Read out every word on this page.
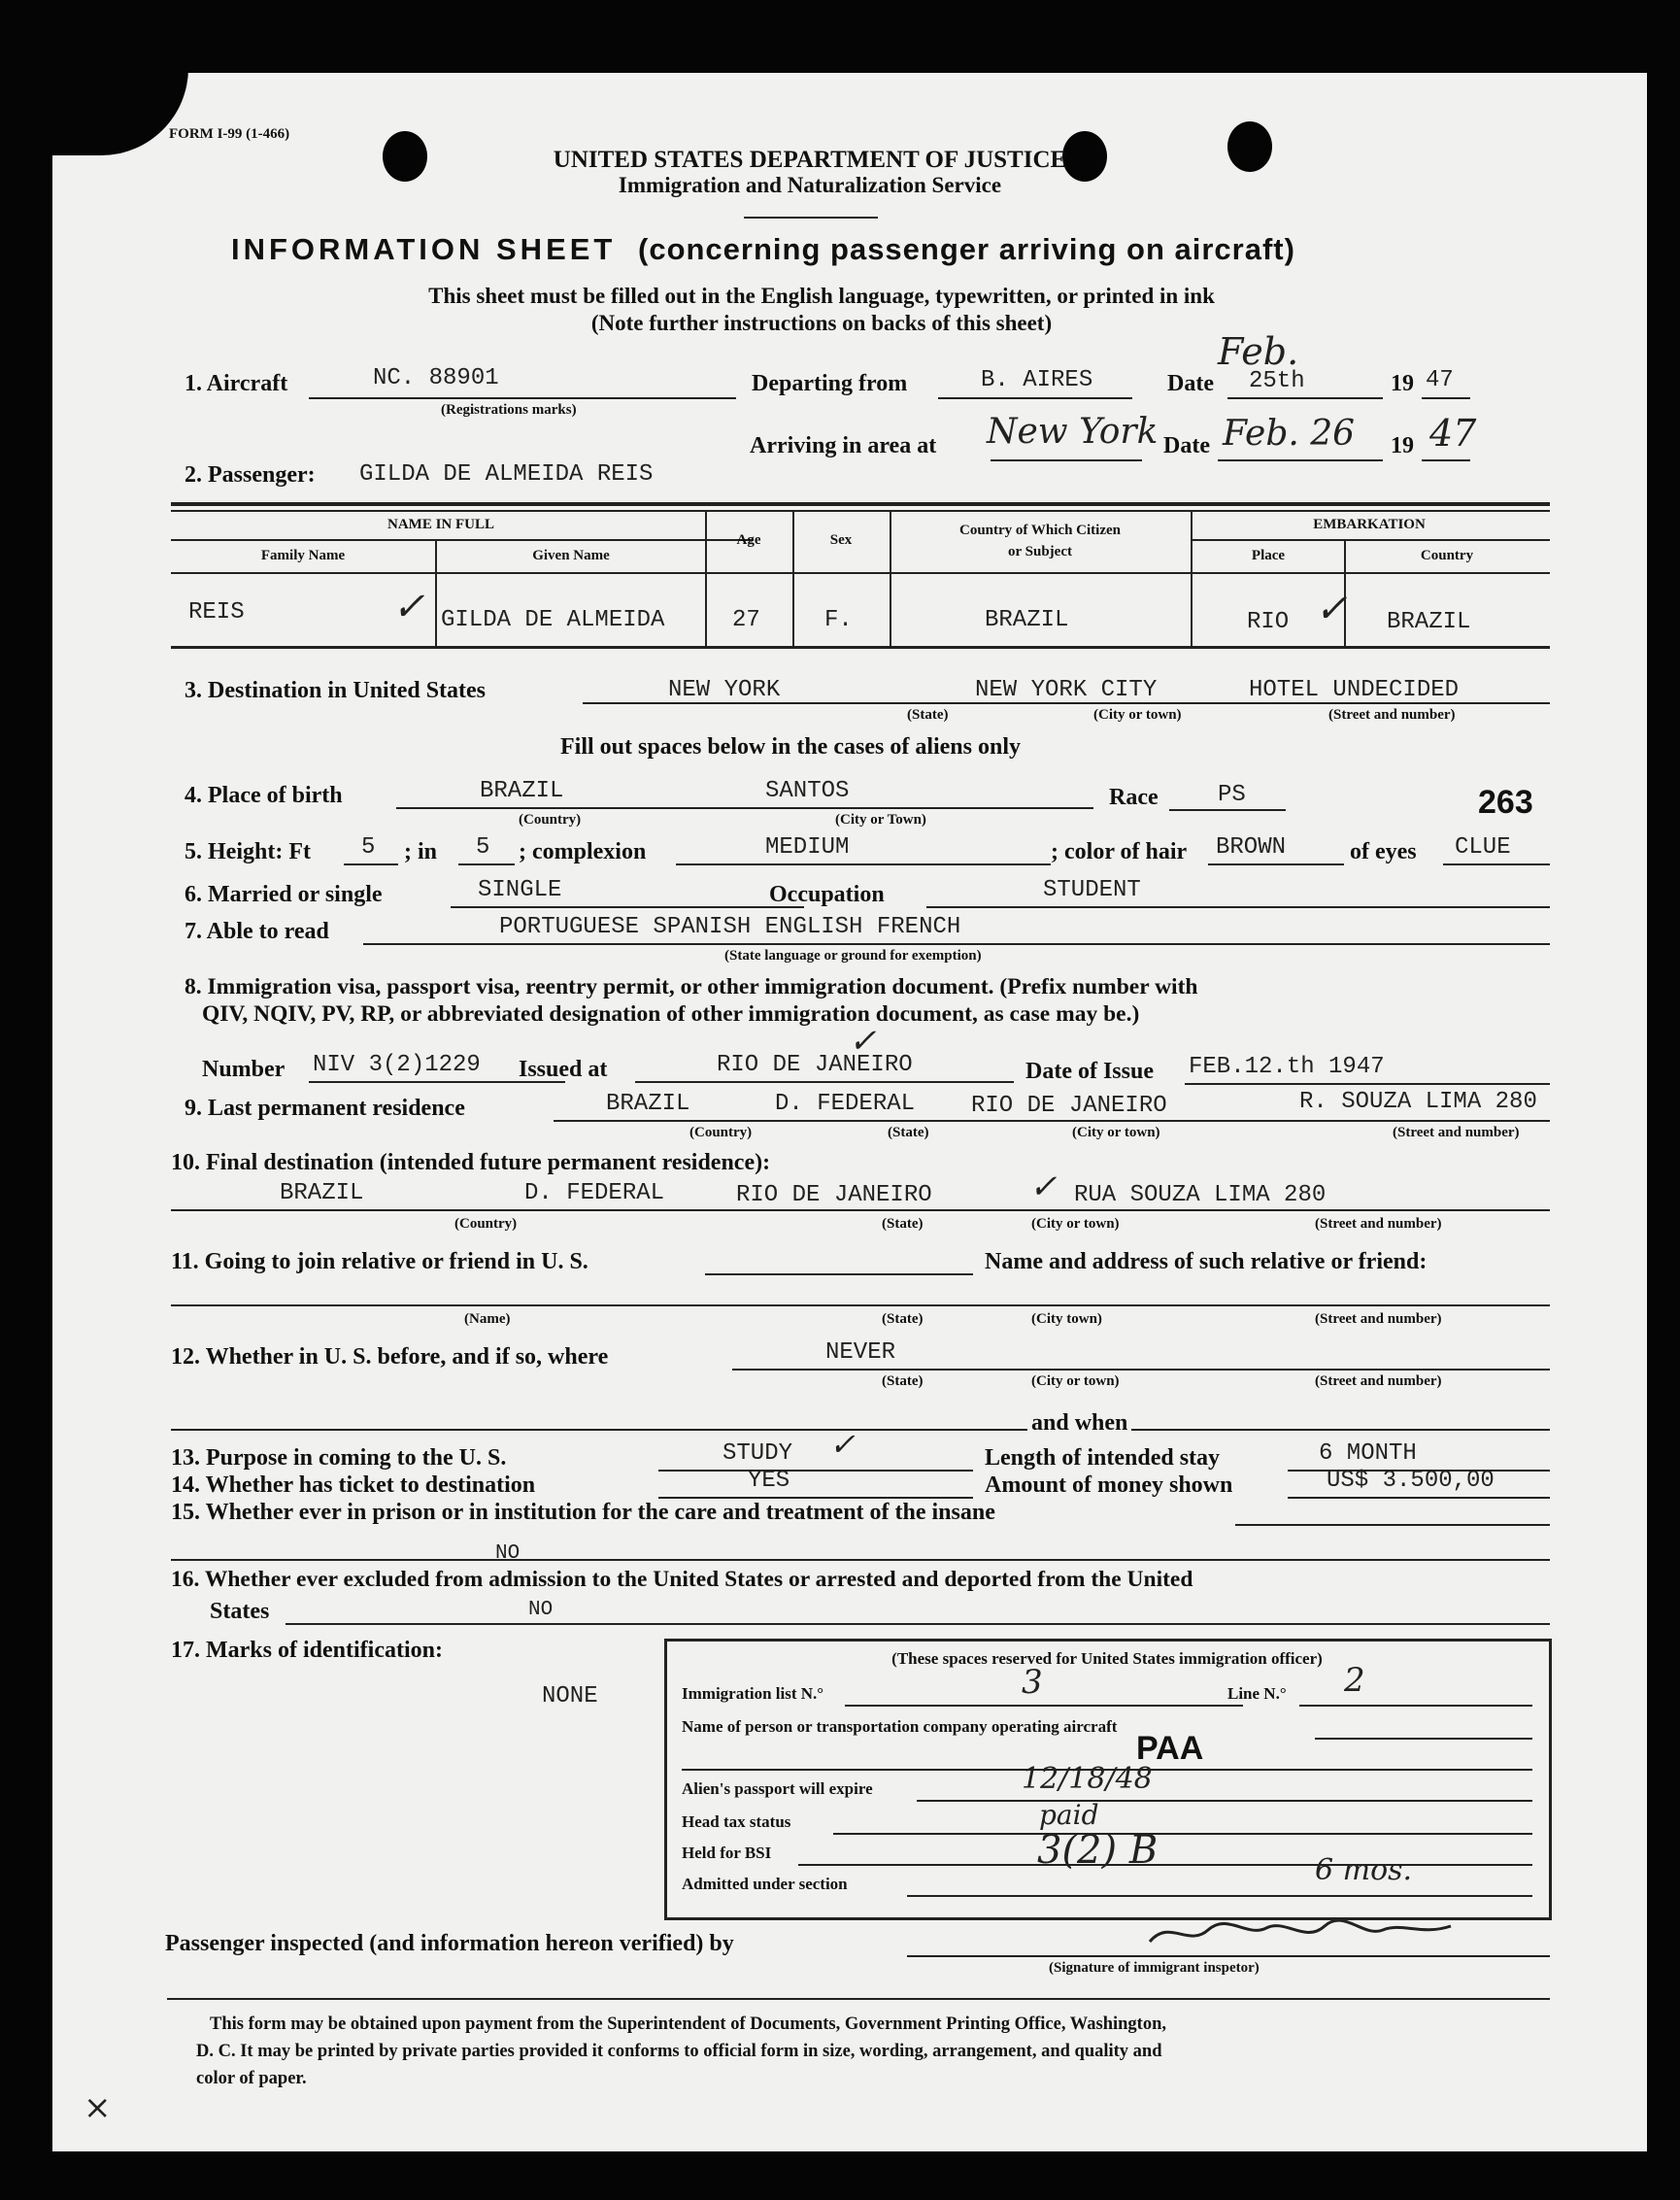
FORM I-99 (1-466)
UNITED STATES DEPARTMENT OF JUSTICE
Immigration and Naturalization Service
INFORMATION SHEET (concerning passenger arriving on aircraft)
This sheet must be filled out in the English language, typewritten, or printed in ink
(Note further instructions on backs of this sheet)
1. Aircraft	NC. 88901
(Registrations marks)
Departing from	B. AIRES	Date
Feb.
25th	19 47
Arriving in area at New York Date Feb. 26 19 47
2. Passenger: GILDA DE ALMEIDA REIS
NAME IN FULL
Family Name	Given Name
Age	Sex
Country of Which Citizen
or Subject
EMBARKATION
Place	Country
REIS	✓ GILDA DE ALMEIDA	27	F.	BRAZIL	RIO ✓ BRAZIL
3. Destination in United States	NEW YORK	NEW YORK CITY	HOTEL UNDECIDED
(State)	(City or town)	(Street and number)
Fill out spaces below in the cases of aliens only
4. Place of birth	BRAZIL	SANTOS
(Country)	(City or Town)
Race	PS	263
5. Height: Ft 5 ; in 5 ; complexion	MEDIUM	; color of hair BROWN	of eyes CLUE
6. Married or single	SINGLE	Occupation	STUDENT
7. Able to read	PORTUGUESE SPANISH ENGLISH FRENCH
(State language or ground for exemption)
8. Immigration visa, passport visa, reentry permit, or other immigration document. (Prefix number with
QIV, NQIV, PV, RP, or abbreviated designation of other immigration document, as case may be.)
Number NIV 3(2)1229 Issued at	RIO DE JANEIRO
✓
Date of Issue FEB.12.th 1947
9. Last permanent residence	BRAZIL	D. FEDERAL RIO DE JANEIRO	R. SOUZA LIMA 280
(Country)	(State)	(City or town)	(Street and number)
10. Final destination (intended future permanent residence):
BRAZIL	D. FEDERAL	RIO DE JANEIRO	✓ RUA SOUZA LIMA 280
(Country)	(State)	(City or town)	(Street and number)
11. Going to join relative or friend in U. S.	Name and address of such relative or friend:
(Name)	(State)	(City town)	(Street and number)
12. Whether in U. S. before, and if so, where	NEVER
(State)	(City or town)	(Street and number)
and when
13. Purpose in coming to the U. S.	STUDY ✓	Length of intended stay	6 MONTH
14. Whether has ticket to destination	YES	Amount of money shown	US$ 3.500,00
15. Whether ever in prison or in institution for the care and treatment of the insane
NO
16. Whether ever excluded from admission to the United States or arrested and deported from the United
States	NO
17. Marks of identification:
NONE
(These spaces reserved for United States immigration officer)
Immigration list N.°	3	Line N.° 2
Name of person or transportation company operating aircraft
PAA
Alien's passport will expire	12/18/48
Head tax status	paid
Held for BSI	3(2) B
Admitted under section	6 mos.
Passenger inspected (and information hereon verified) by
(Signature of immigrant inspetor)
This form may be obtained upon payment from the Superintendent of Documents, Government Printing Office, Washington,
D. C. It may be printed by private parties provided it conforms to official form in size, wording, arrangement, and quality and
color of paper.
×
